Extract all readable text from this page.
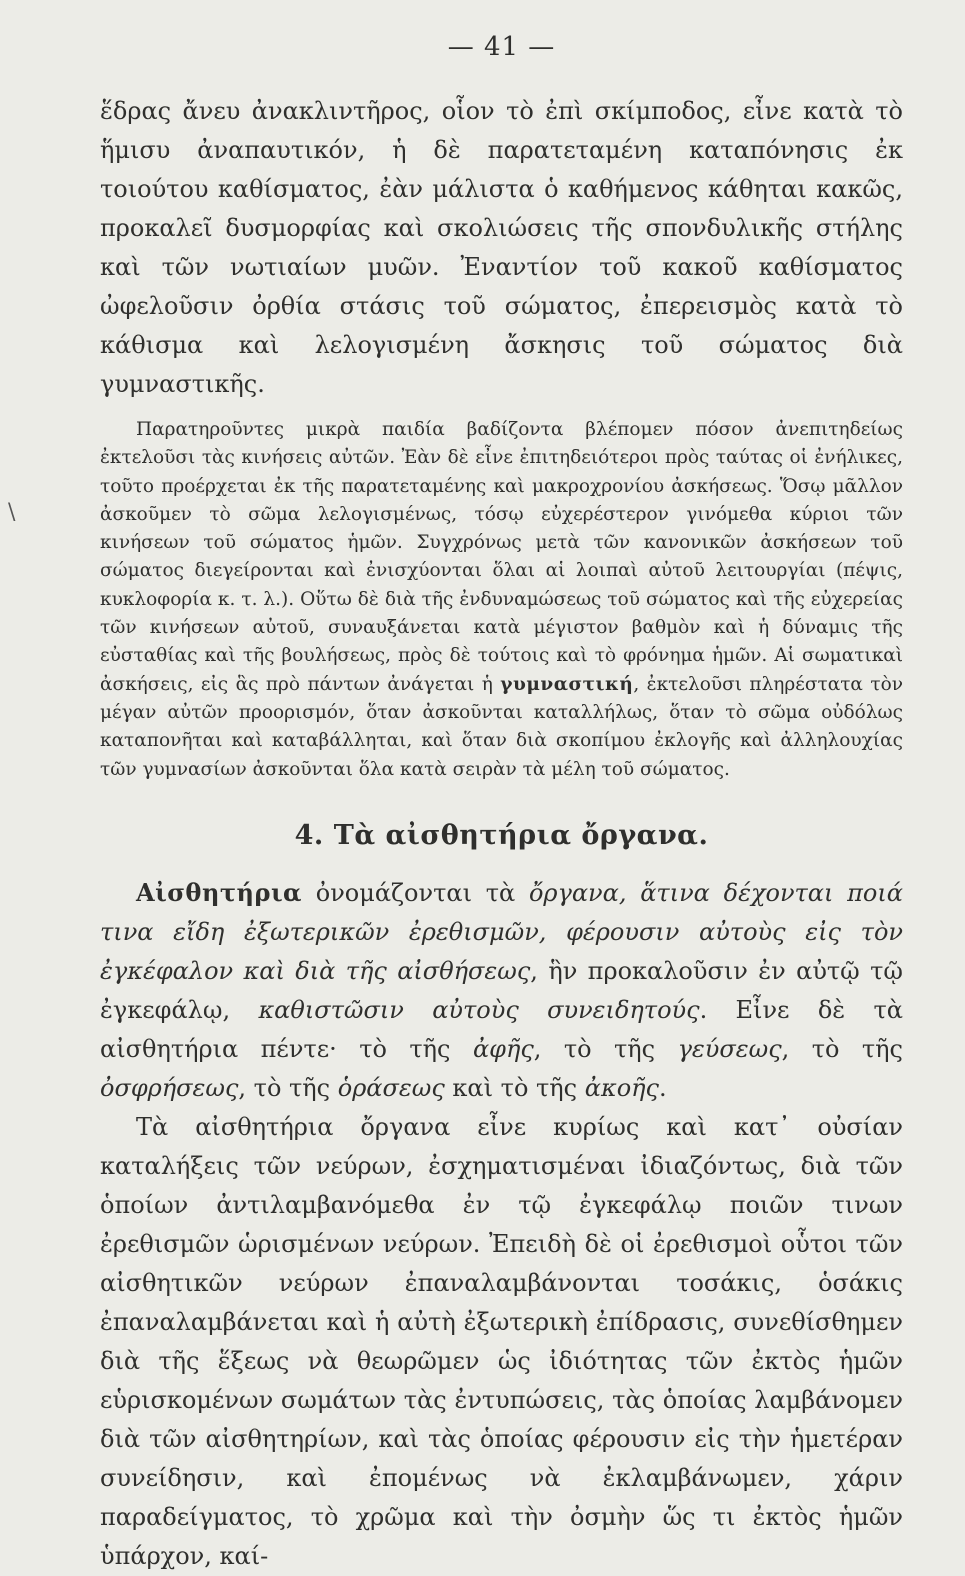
\
— 41 —

ἕδρας ἄνευ ἀνακλιντῆρος, οἷον τὸ ἐπὶ σκίμποδος, εἶνε κατὰ τὸ ἥμισυ ἀναπαυτικόν, ἡ δὲ παρατεταμένη καταπόνησις ἐκ τοιούτου καθίσματος, ἐὰν μάλιστα ὁ καθήμενος κάθηται κακῶς, προκαλεῖ δυσμορφίας καὶ σκολιώσεις τῆς σπονδυλικῆς στήλης καὶ τῶν νωτιαίων μυῶν. Ἐναντίον τοῦ κακοῦ καθίσματος ὠφελοῦσιν ὀρθία στάσις τοῦ σώματος, ἐπερεισμὸς κατὰ τὸ κάθισμα καὶ λελογισμένη ἄσκησις τοῦ σώματος διὰ γυμναστικῆς.

Παρατηροῦντες μικρὰ παιδία βαδίζοντα βλέπομεν πόσον ἀνεπιτηδείως ἐκτελοῦσι τὰς κινήσεις αὐτῶν. Ἐὰν δὲ εἶνε ἐπιτηδειότεροι πρὸς ταύτας οἱ ἐνήλικες, τοῦτο προέρχεται ἐκ τῆς παρατεταμένης καὶ μακροχρονίου ἀσκήσεως. Ὅσῳ μᾶλλον ἀσκοῦμεν τὸ σῶμα λελογισμένως, τόσῳ εὐχερέστερον γινόμεθα κύριοι τῶν κινήσεων τοῦ σώματος ἡμῶν. Συγχρόνως μετὰ τῶν κανονικῶν ἀσκήσεων τοῦ σώματος διεγείρονται καὶ ἐνισχύονται ὅλαι αἱ λοιπαὶ αὐτοῦ λειτουργίαι (πέψις, κυκλοφορία κ. τ. λ.). Οὕτω δὲ διὰ τῆς ἐνδυναμώσεως τοῦ σώματος καὶ τῆς εὐχερείας τῶν κινήσεων αὐτοῦ, συναυξάνεται κατὰ μέγιστον βαθμὸν καὶ ἡ δύναμις τῆς εὐσταθίας καὶ τῆς βουλήσεως, πρὸς δὲ τούτοις καὶ τὸ φρόνημα ἡμῶν. Αἱ σωματικαὶ ἀσκήσεις, εἰς ἃς πρὸ πάντων ἀνάγεται ἡ γυμναστική, ἐκτελοῦσι πληρέστατα τὸν μέγαν αὐτῶν προορισμόν, ὅταν ἀσκοῦνται καταλλήλως, ὅταν τὸ σῶμα οὐδόλως καταπονῆται καὶ καταβάλληται, καὶ ὅταν διὰ σκοπίμου ἐκλογῆς καὶ ἀλληλουχίας τῶν γυμνασίων ἀσκοῦνται ὅλα κατὰ σειρὰν τὰ μέλη τοῦ σώματος.

4. Τὰ αἰσθητήρια ὄργανα.

Αἰσθητήρια ὀνομάζονται τὰ ὄργανα, ἅτινα δέχονται ποιά τινα εἴδη ἐξωτερικῶν ἐρεθισμῶν, φέρουσιν αὐτοὺς εἰς τὸν ἐγκέφαλον καὶ διὰ τῆς αἰσθήσεως, ἣν προκαλοῦσιν ἐν αὐτῷ τῷ ἐγκεφάλῳ, καθιστῶσιν αὐτοὺς συνειδητούς. Εἶνε δὲ τὰ αἰσθητήρια πέντε· τὸ τῆς ἀφῆς, τὸ τῆς γεύσεως, τὸ τῆς ὀσφρήσεως, τὸ τῆς ὁράσεως καὶ τὸ τῆς ἀκοῆς.

Τὰ αἰσθητήρια ὄργανα εἶνε κυρίως καὶ κατ᾽ οὐσίαν καταλήξεις τῶν νεύρων, ἐσχηματισμέναι ἰδιαζόντως, διὰ τῶν ὁποίων ἀντιλαμβανόμεθα ἐν τῷ ἐγκεφάλῳ ποιῶν τινων ἐρεθισμῶν ὡρισμένων νεύρων. Ἐπειδὴ δὲ οἱ ἐρεθισμοὶ οὗτοι τῶν αἰσθητικῶν νεύρων ἐπαναλαμβάνονται τοσάκις, ὁσάκις ἐπαναλαμβάνεται καὶ ἡ αὐτὴ ἐξωτερικὴ ἐπίδρασις, συνεθίσθημεν διὰ τῆς ἕξεως νὰ θεωρῶμεν ὡς ἰδιότητας τῶν ἐκτὸς ἡμῶν εὑρισκομένων σωμάτων τὰς ἐντυπώσεις, τὰς ὁποίας λαμβάνομεν διὰ τῶν αἰσθητηρίων, καὶ τὰς ὁποίας φέρουσιν εἰς τὴν ἡμετέραν συνείδησιν, καὶ ἐπομένως νὰ ἐκλαμβάνωμεν, χάριν παραδείγματος, τὸ χρῶμα καὶ τὴν ὀσμὴν ὥς τι ἐκτὸς ἡμῶν ὑπάρχον, καί-
